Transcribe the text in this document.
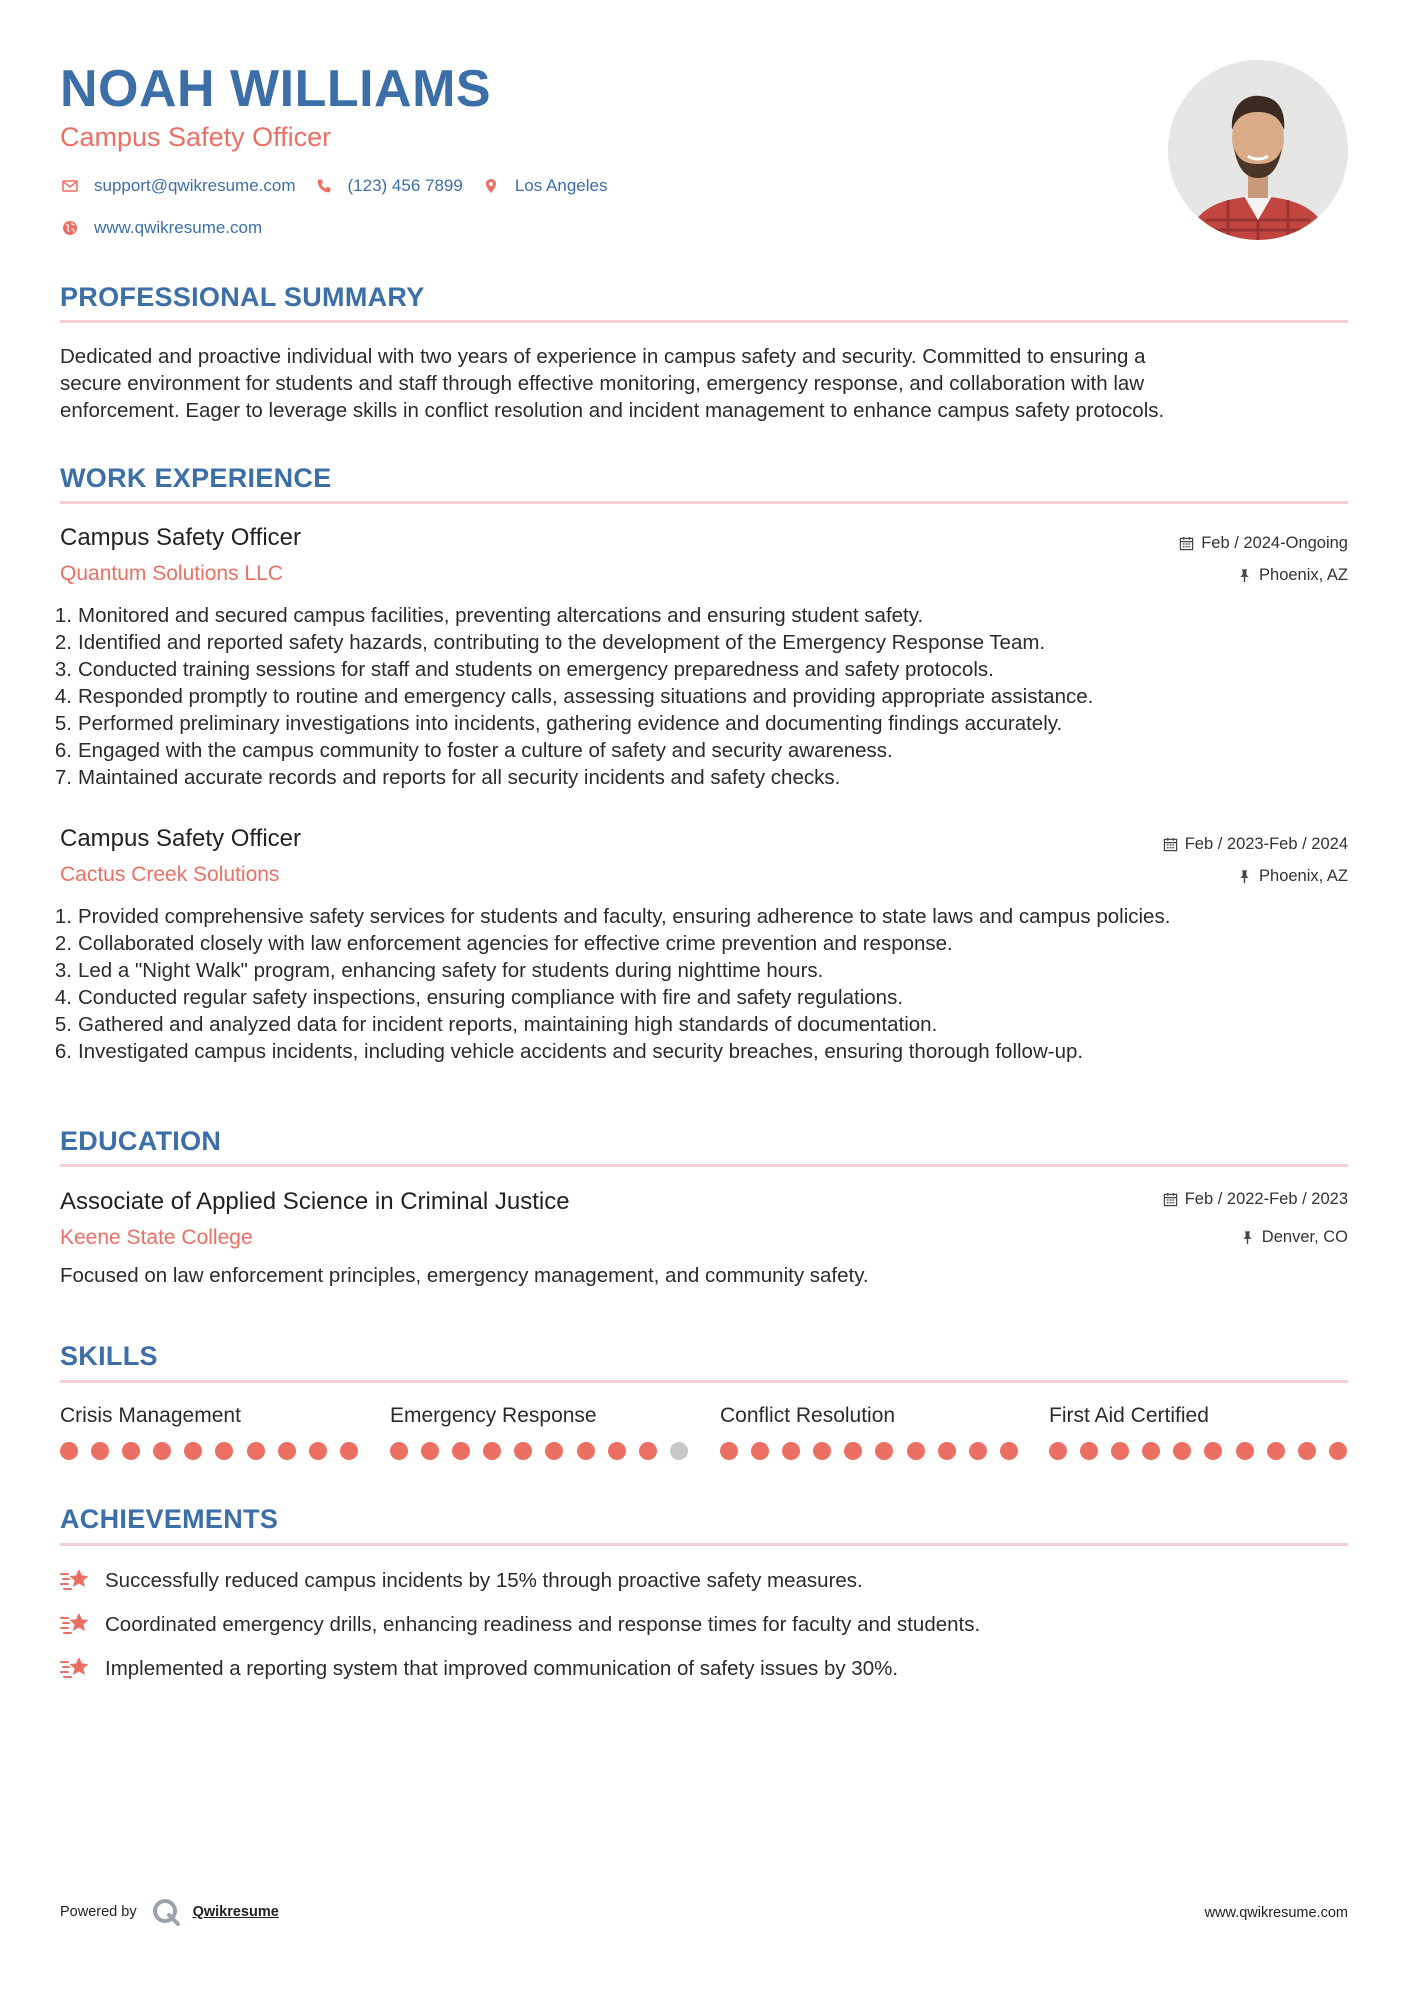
NOAH WILLIAMS
Campus Safety Officer
support@qwikresume.com	(123) 456 7899	Los Angeles
www.qwikresume.com
PROFESSIONAL SUMMARY
Dedicated and proactive individual with two years of experience in campus safety and security. Committed to ensuring a
secure environment for students and staff through effective monitoring, emergency response, and collaboration with law
enforcement. Eager to leverage skills in conflict resolution and incident management to enhance campus safety protocols.
WORK EXPERIENCE
Campus Safety Officer
Quantum Solutions LLC
Feb / 2024-Ongoing
Phoenix, AZ
1. Monitored and secured campus facilities, preventing altercations and ensuring student safety.
2. Identified and reported safety hazards, contributing to the development of the Emergency Response Team.
3. Conducted training sessions for staff and students on emergency preparedness and safety protocols.
4. Responded promptly to routine and emergency calls, assessing situations and providing appropriate assistance.
5. Performed preliminary investigations into incidents, gathering evidence and documenting findings accurately.
6. Engaged with the campus community to foster a culture of safety and security awareness.
7. Maintained accurate records and reports for all security incidents and safety checks.
Campus Safety Officer
Cactus Creek Solutions
Feb / 2023-Feb / 2024
Phoenix, AZ
1. Provided comprehensive safety services for students and faculty, ensuring adherence to state laws and campus policies.
2. Collaborated closely with law enforcement agencies for effective crime prevention and response.
3. Led a "Night Walk" program, enhancing safety for students during nighttime hours.
4. Conducted regular safety inspections, ensuring compliance with fire and safety regulations.
5. Gathered and analyzed data for incident reports, maintaining high standards of documentation.
6. Investigated campus incidents, including vehicle accidents and security breaches, ensuring thorough follow-up.
EDUCATION
Associate of Applied Science in Criminal Justice
Keene State College
Feb / 2022-Feb / 2023
Denver, CO
Focused on law enforcement principles, emergency management, and community safety.
SKILLS
Crisis Management	Emergency Response	Conflict Resolution	First Aid Certified
ACHIEVEMENTS
Successfully reduced campus incidents by 15% through proactive safety measures.
Coordinated emergency drills, enhancing readiness and response times for faculty and students.
Implemented a reporting system that improved communication of safety issues by 30%.
Powered by	Qwikresume	www.qwikresume.com
